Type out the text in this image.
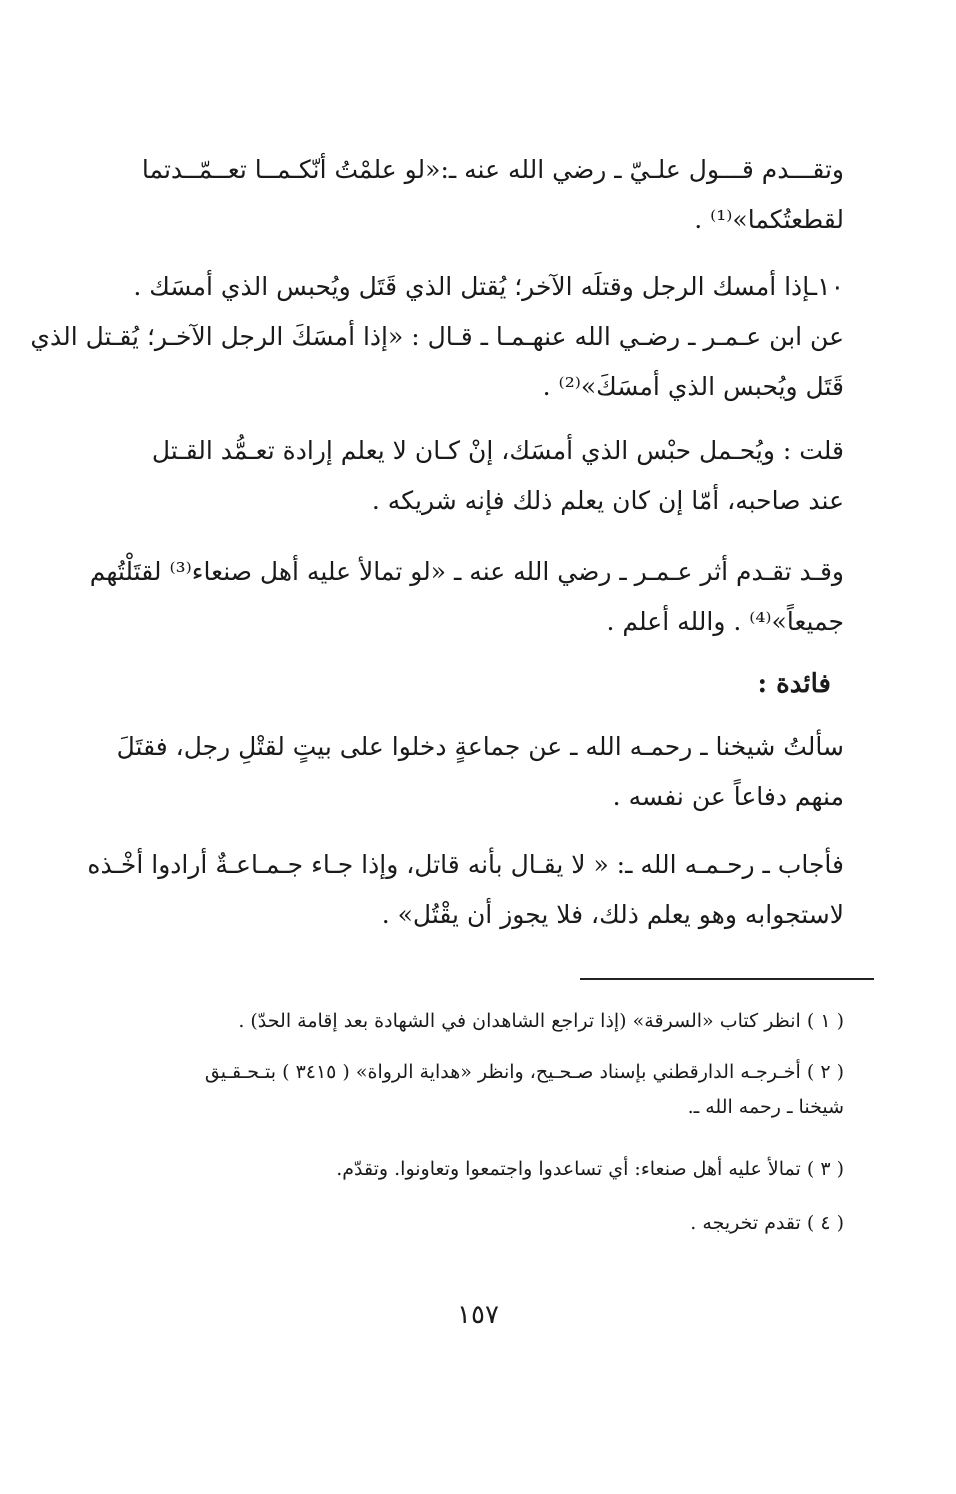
وتقـــدم قـــول علـيّ ـ رضي الله عنه ـ:«لو علمْتُ أنّكـمــا تعــمّــدتما
لقطعتُكما»⁽¹⁾ .
١٠ـإذا أمسك الرجل وقتلَه الآخر؛ يُقتل الذي قَتَل ويُحبس الذي أمسَك .
عن ابن عـمـر ـ رضـي الله عنهـمـا ـ قـال : «إذا أمسَكَ الرجل الآخـر؛ يُقـتل الذي
قَتَل ويُحبس الذي أمسَكَ»⁽²⁾ .
قلت : ويُحـمل حبْس الذي أمسَك، إنْ كـان لا يعلم إرادة تعـمُّد القـتل
عند صاحبه، أمّا إن كان يعلم ذلك فإنه شريكه .
وقـد تقـدم أثر عـمـر ـ رضي الله عنه ـ «لو تمالأ عليه أهل صنعاء⁽³⁾ لقتَلْتُهم
جميعاً»⁽⁴⁾ . والله أعلم .
فائدة :
سألتُ شيخنا ـ رحمـه الله ـ عن جماعةٍ دخلوا على بيتٍ لقتْلِ رجل، فقتَلَ
منهم دفاعاً عن نفسه .
فأجاب ـ رحـمـه الله ـ: « لا يقـال بأنه قاتل، وإذا جـاء جـمـاعـةٌ أرادوا أخْـذه
لاستجوابه وهو يعلم ذلك، فلا يجوز أن يقْتُل» .
( ١ ) انظر كتاب «السرقة» (إذا تراجع الشاهدان في الشهادة بعد إقامة الحدّ) .
( ٢ ) أخـرجـه الدارقطني بإسناد صـحـيح، وانظر «هداية الرواة» ( ٣٤١٥ ) بتـحـقـيق
شيخنا ـ رحمه الله ـ.
( ٣ ) تمالأ عليه أهل صنعاء: أي تساعدوا واجتمعوا وتعاونوا. وتقدّم.
( ٤ ) تقدم تخريجه .
١٥٧
